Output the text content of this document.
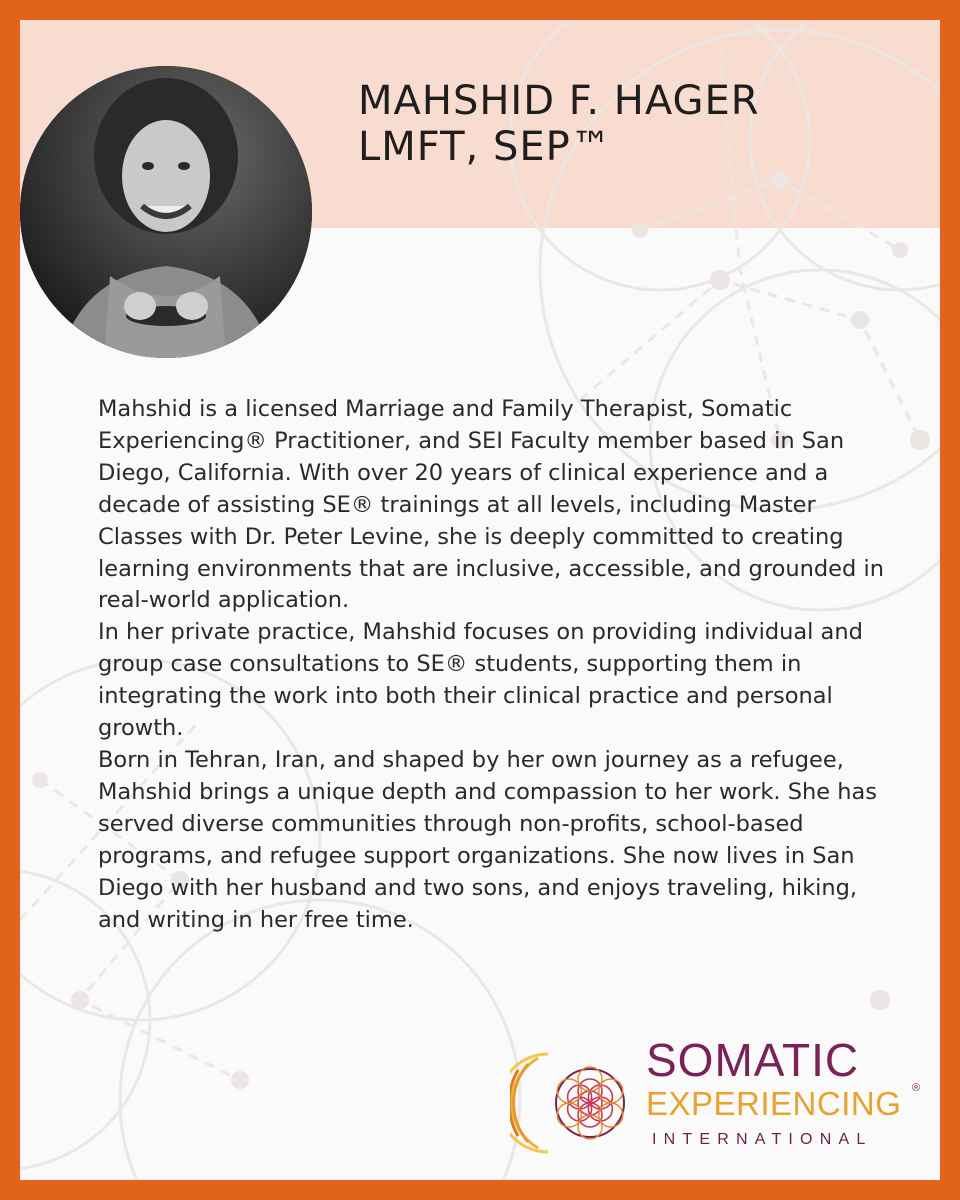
MAHSHID F. HAGER
LMFT, SEP™

Mahshid is a licensed Marriage and Family Therapist, Somatic Experiencing® Practitioner, and SEI Faculty member based in San Diego, California. With over 20 years of clinical experience and a decade of assisting SE® trainings at all levels, including Master Classes with Dr. Peter Levine, she is deeply committed to creating learning environments that are inclusive, accessible, and grounded in real-world application.

In her private practice, Mahshid focuses on providing individual and group case consultations to SE® students, supporting them in integrating the work into both their clinical practice and personal growth.

Born in Tehran, Iran, and shaped by her own journey as a refugee, Mahshid brings a unique depth and compassion to her work. She has served diverse communities through non-profits, school-based programs, and refugee support organizations. She now lives in San Diego with her husband and two sons, and enjoys traveling, hiking, and writing in her free time.

SOMATIC
EXPERIENCING ®
INTERNATIONAL
